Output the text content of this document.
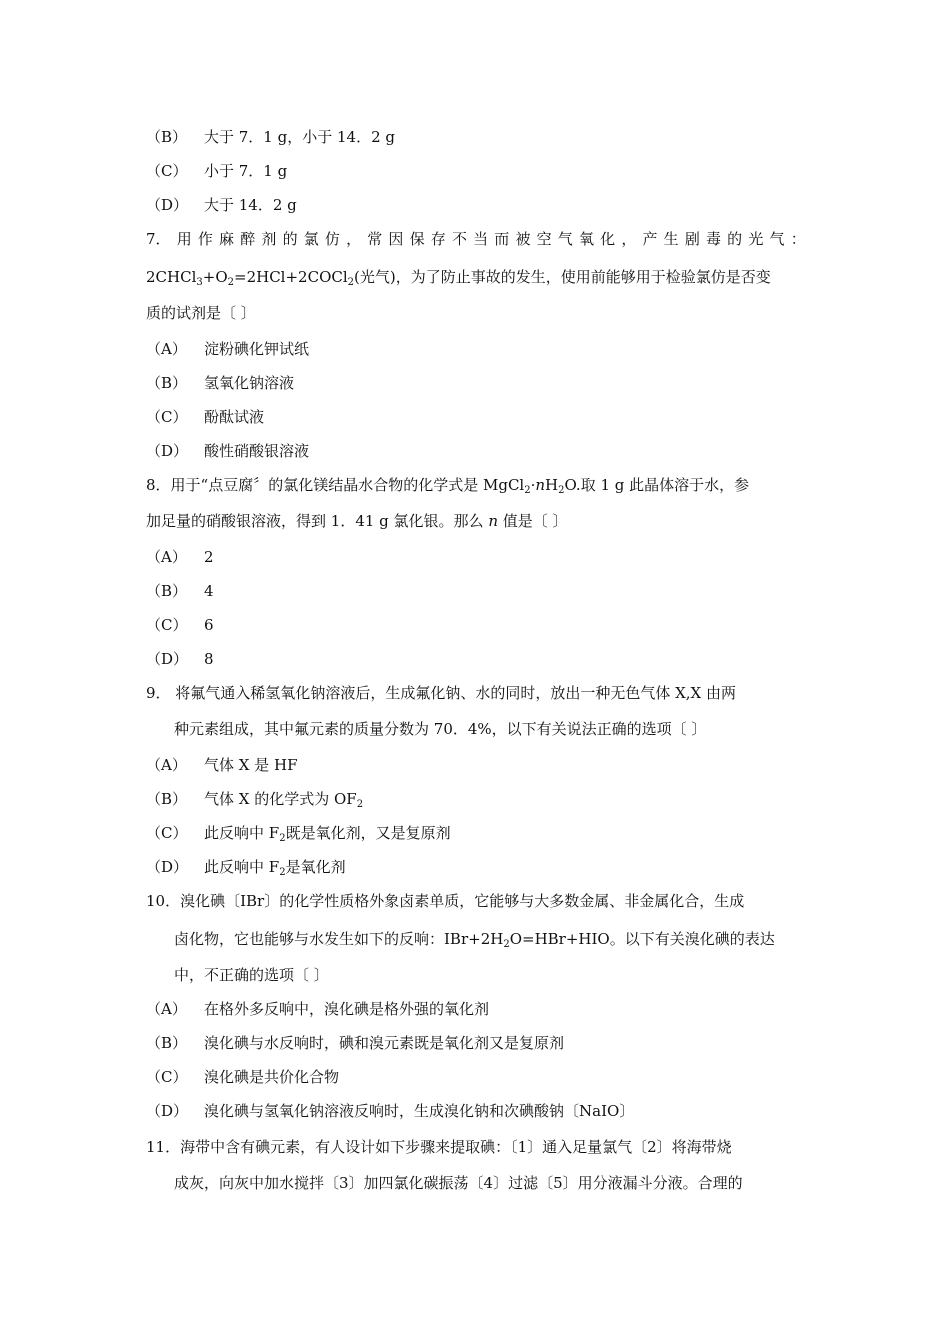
（B） 大于 7．1 g，小于 14．2 g
（C） 小于 7．1 g
（D） 大于 14．2 g
7． 用 作 麻 醉 剂 的 氯 仿 ， 常 因 保 存 不 当 而 被 空 气 氧 化 ， 产 生 剧 毒 的 光 气 ：
$2CHCl_3+O_2=2HCl+2COCl_2$(光气)，为了防止事故的发生，使用前能够用于检验氯仿是否变
质的试剂是〔 〕
（A） 淀粉碘化钾试纸
（B） 氢氧化钠溶液
（C） 酚酞试液
（D） 酸性硝酸银溶液
8．用于“点豆腐〞的氯化镁结晶水合物的化学式是 $MgCl_2\cdot nH_2O$.取 1 g 此晶体溶于水，参
加足量的硝酸银溶液，得到 1．41 g 氯化银。那么 n 值是〔 〕
（A） 2
（B） 4
（C） 6
（D） 8
9． 将氟气通入稀氢氧化钠溶液后，生成氟化钠、水的同时，放出一种无色气体 X,X 由两
种元素组成，其中氟元素的质量分数为 70．4%，以下有关说法正确的选项〔 〕
（A） 气体 X 是 HF
（B） 气体 X 的化学式为 $OF_2$
（C） 此反响中 $F_2$既是氧化剂，又是复原剂
（D） 此反响中 $F_2$是氧化剂
10．溴化碘〔IBr〕的化学性质格外象卤素单质，它能够与大多数金属、非金属化合，生成
卤化物，它也能够与水发生如下的反响：$IBr+2H_2O=HBr+HIO$。以下有关溴化碘的表达
中，不正确的选项〔 〕
（A） 在格外多反响中，溴化碘是格外强的氧化剂
（B） 溴化碘与水反响时，碘和溴元素既是氧化剂又是复原剂
（C） 溴化碘是共价化合物
（D） 溴化碘与氢氧化钠溶液反响时，生成溴化钠和次碘酸钠〔NaIO〕
11．海带中含有碘元素，有人设计如下步骤来提取碘：〔1〕通入足量氯气〔2〕将海带烧
成灰，向灰中加水搅拌〔3〕加四氯化碳振荡〔4〕过滤〔5〕用分液漏斗分液。合理的
